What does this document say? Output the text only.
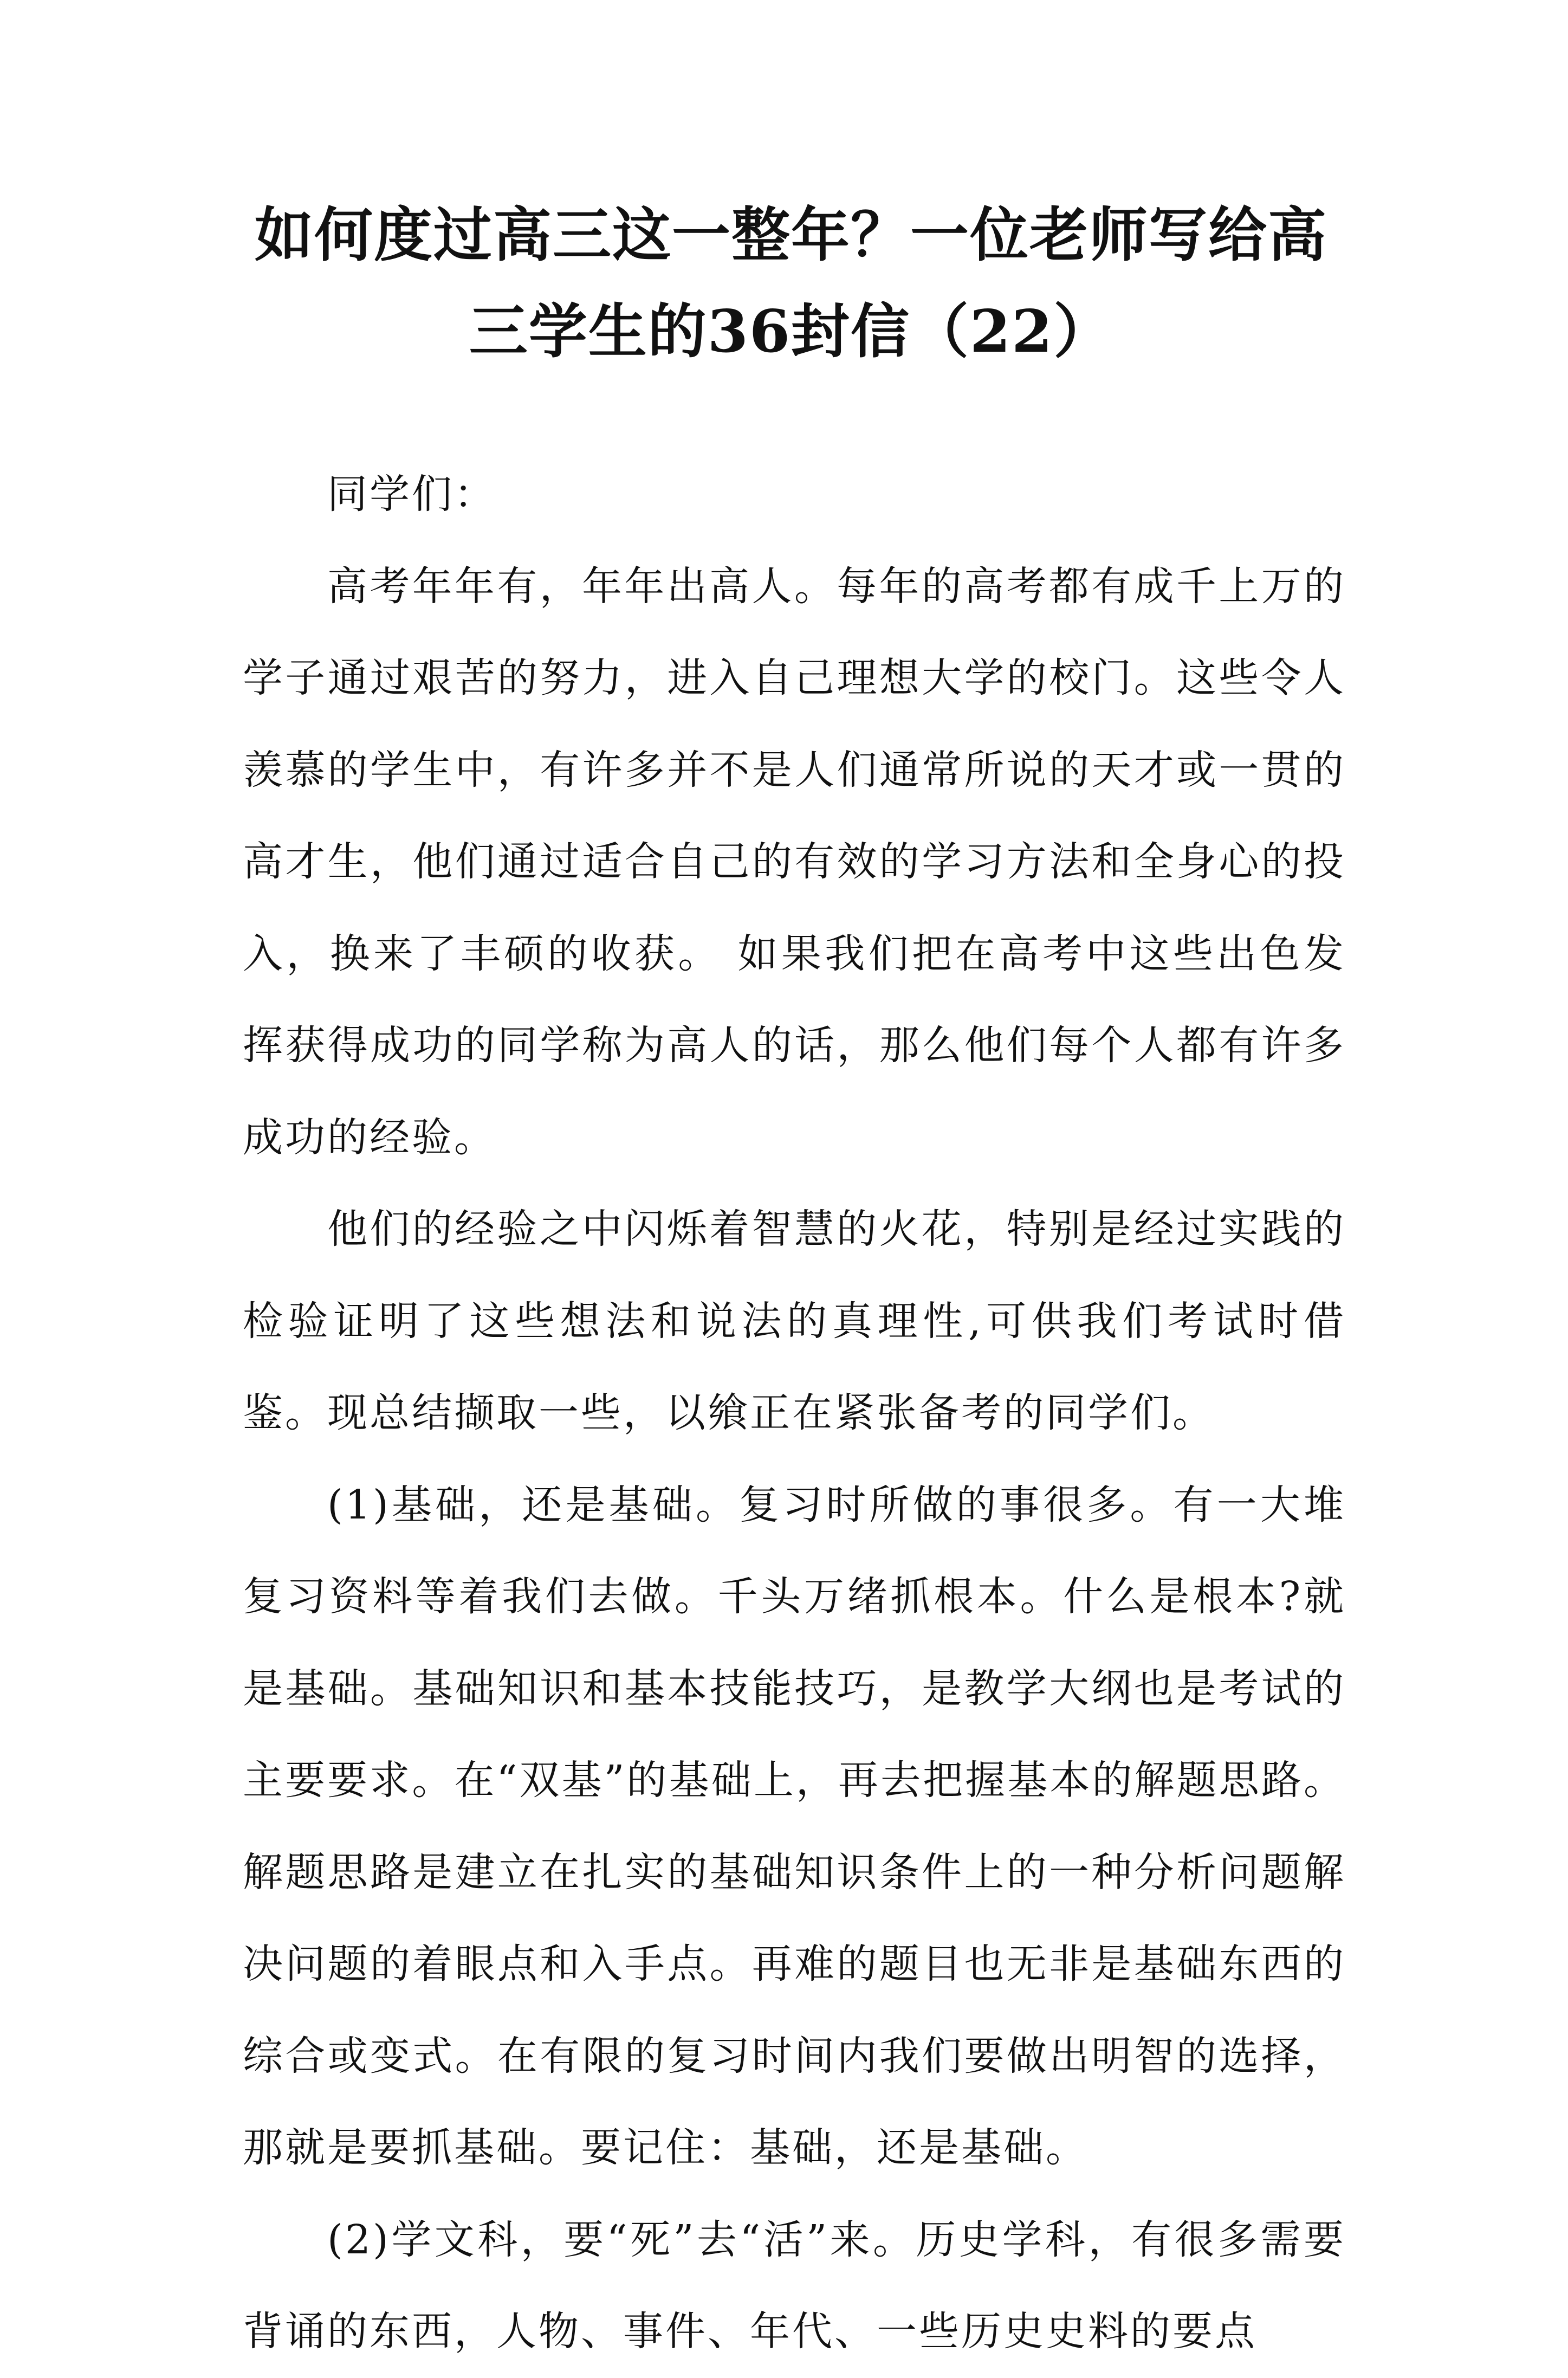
如何度过高三这一整年？一位老师写给高三学生的36封信（22）

同学们：

高考年年有，年年出高人。每年的高考都有成千上万的学子通过艰苦的努力，进入自己理想大学的校门。这些令人羡慕的学生中，有许多并不是人们通常所说的天才或一贯的高才生，他们通过适合自己的有效的学习方法和全身心的投入，换来了丰硕的收获。 如果我们把在高考中这些出色发挥获得成功的同学称为高人的话，那么他们每个人都有许多成功的经验。

他们的经验之中闪烁着智慧的火花，特别是经过实践的检验证明了这些想法和说法的真理性,可供我们考试时借鉴。现总结撷取一些，以飨正在紧张备考的同学们。

(1)基础，还是基础。复习时所做的事很多。有一大堆复习资料等着我们去做。千头万绪抓根本。什么是根本?就是基础。基础知识和基本技能技巧，是教学大纲也是考试的主要要求。在“双基”的基础上，再去把握基本的解题思路。解题思路是建立在扎实的基础知识条件上的一种分析问题解决问题的着眼点和入手点。再难的题目也无非是基础东西的综合或变式。在有限的复习时间内我们要做出明智的选择，那就是要抓基础。要记住：基础，还是基础。

(2)学文科，要“死”去“活”来。历史学科，有很多需要背诵的东西，人物、事件、年代、一些历史史料的要点
